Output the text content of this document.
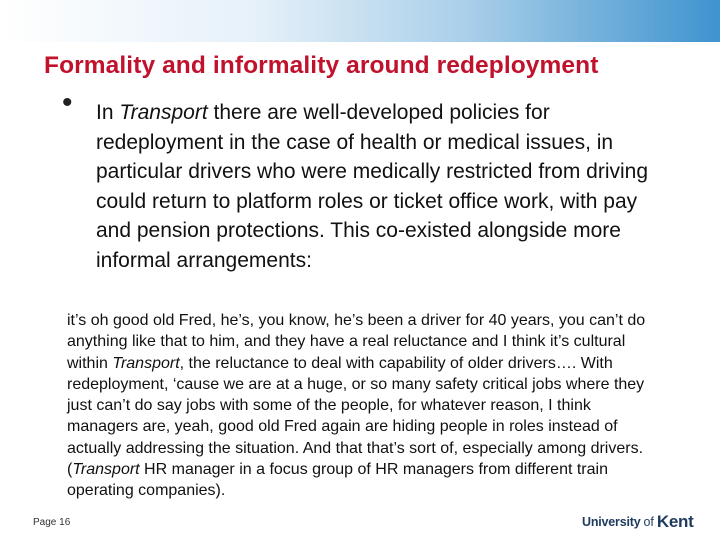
Formality and informality around redeployment
• In Transport there are well-developed policies for redeployment in the case of health or medical issues, in particular drivers who were medically restricted from driving could return to platform roles or ticket office work, with pay and pension protections. This co-existed alongside more informal arrangements:

it’s oh good old Fred, he’s, you know, he’s been a driver for 40 years, you can’t do anything like that to him, and they have a real reluctance and I think it’s cultural within Transport, the reluctance to deal with capability of older drivers…. With redeployment, ‘cause we are at a huge, or so many safety critical jobs where they just can’t do say jobs with some of the people, for whatever reason, I think managers are, yeah, good old Fred again are hiding people in roles instead of actually addressing the situation. And that that’s sort of, especially among drivers. (Transport HR manager in a focus group of HR managers from different train operating companies).

Page 16	University of Kent
